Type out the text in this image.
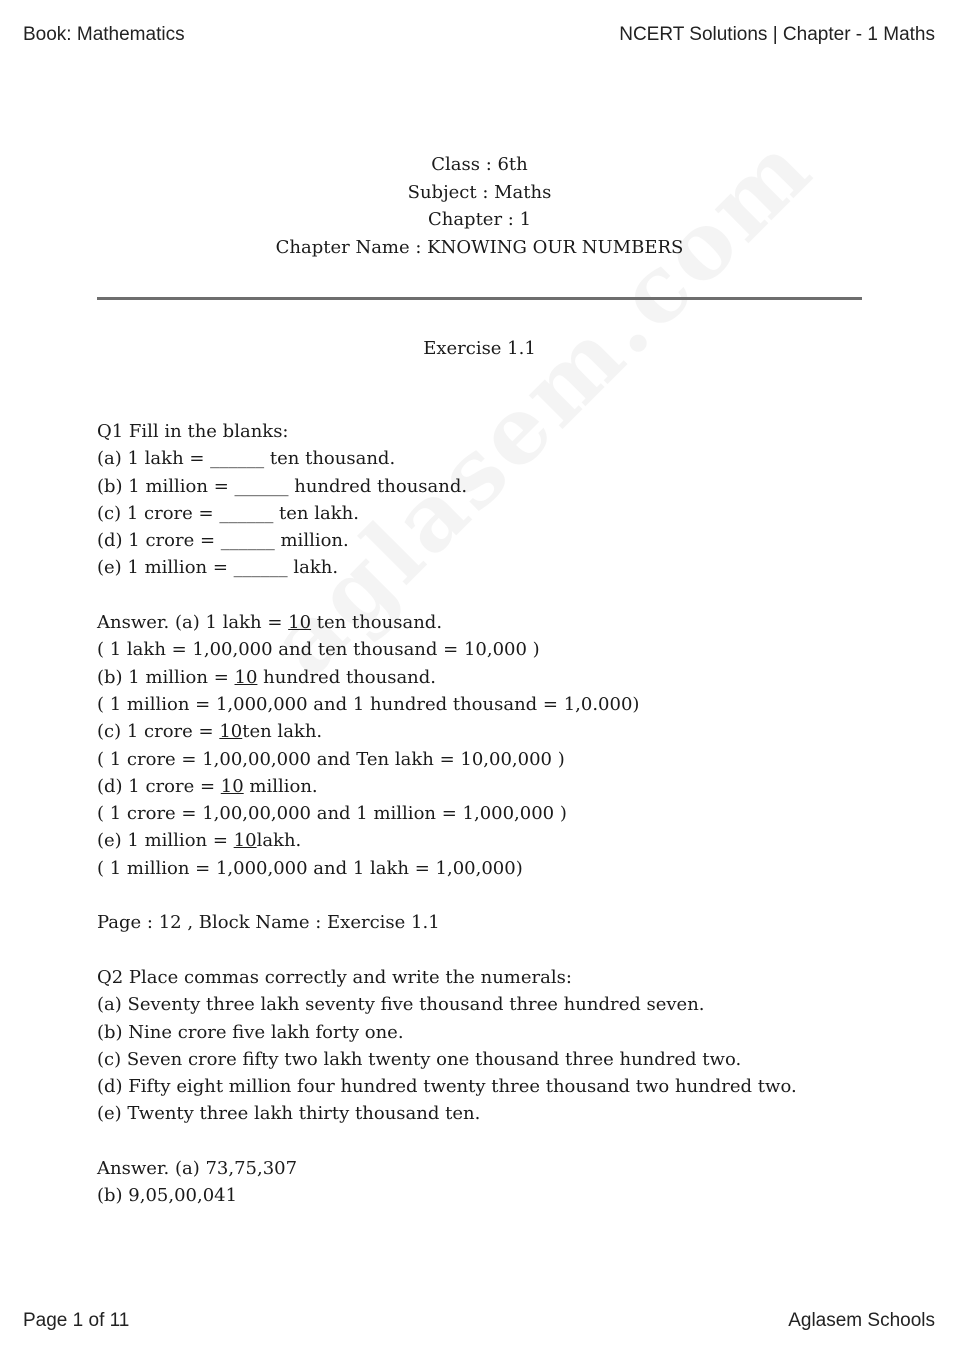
Book: Mathematics	NCERT Solutions | Chapter - 1 Maths
Class : 6th
Subject : Maths
Chapter : 1
Chapter Name : KNOWING OUR NUMBERS
Exercise 1.1
Q1 Fill in the blanks:
(a) 1 lakh = ______ ten thousand.
(b) 1 million = ______ hundred thousand.
(c) 1 crore = ______ ten lakh.
(d) 1 crore = ______ million.
(e) 1 million = ______ lakh.
Answer. (a) 1 lakh = 10 ten thousand.
( 1 lakh = 1,00,000 and ten thousand = 10,000 )
(b) 1 million = 10 hundred thousand.
( 1 million = 1,000,000 and 1 hundred thousand = 1,0.000)
(c) 1 crore = 10ten lakh.
( 1 crore = 1,00,00,000 and Ten lakh = 10,00,000 )
(d) 1 crore = 10 million.
( 1 crore = 1,00,00,000 and 1 million = 1,000,000 )
(e) 1 million = 10lakh.
( 1 million = 1,000,000 and 1 lakh = 1,00,000)
Page : 12 , Block Name : Exercise 1.1
Q2 Place commas correctly and write the numerals:
(a) Seventy three lakh seventy five thousand three hundred seven.
(b) Nine crore five lakh forty one.
(c) Seven crore fifty two lakh twenty one thousand three hundred two.
(d) Fifty eight million four hundred twenty three thousand two hundred two.
(e) Twenty three lakh thirty thousand ten.
Answer. (a) 73,75,307
(b) 9,05,00,041
Page 1 of 11	Aglasem Schools
